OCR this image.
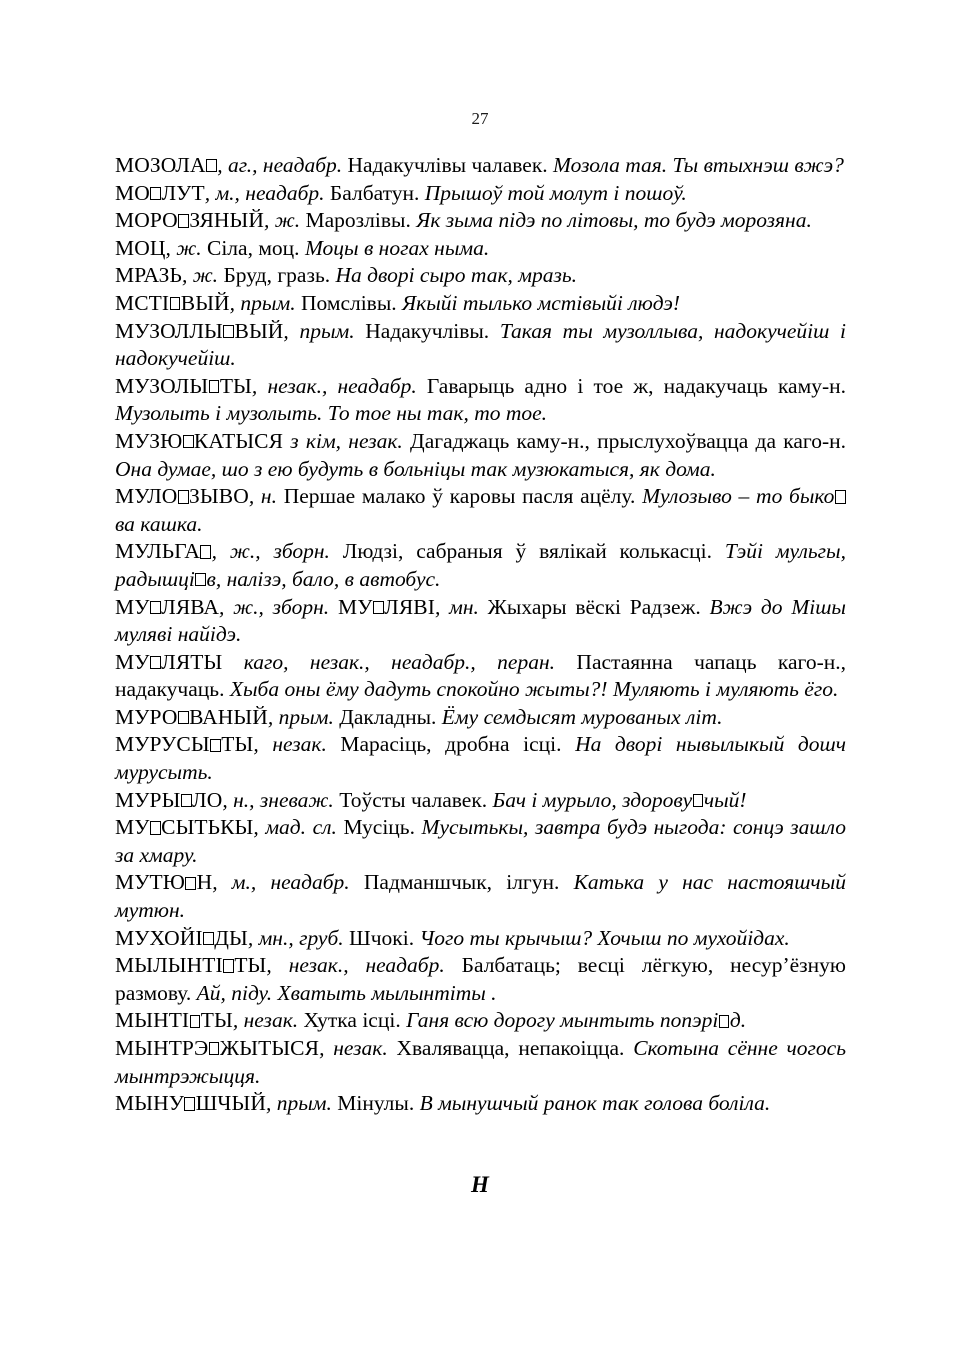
27

МОЗОЛА , аг., неадабр. Надакучлівы чалавек. Мозола тая. Ты втыхнэш вжэ?

МО ЛУТ, м., неадабр. Балбатун. Прышоў той молут і пошоў.

МОРО ЗЯНЫЙ, ж. Марозлівы. Як зыма підэ по літовы, то будэ морозяна.

МОЦ, ж. Сіла, моц. Моцы в ногах ныма.

МРАЗЬ, ж. Бруд, гразь. На дворі сыро так, мразь.

МСТІ ВЫЙ, прым. Помслівы. Якыйі тылько мстівыйі людэ!

МУЗОЛЛЫ ВЫЙ, прым. Надакучлівы. Такая ты музоллыва, надокучейіш і надокучейіш.

МУЗОЛЫ ТЫ, незак., неадабр. Гаварыць адно і тое ж, надакучаць каму-н. Музолыть і музолыть. То тое ны так, то тое.

МУЗЮ КАТЫСЯ з кім, незак. Дагаджаць каму-н., прыслухоўвацца да каго-н. Она думае, шо з ею будуть в больніцы так музюкатыся, як дома.

МУЛО ЗЫВО, н. Першае малако ў каровы пасля ацёлу. Мулозыво – то быкова кашка.

МУЛЬГА , ж., зборн. Людзі, сабраныя ў вялікай колькасці. Тэйі мульгы, радышці в, налізэ, бало, в автобус.

МУ ЛЯВА, ж., зборн. МУ ЛЯВІ, мн. Жыхары вёскі Радзеж. Вжэ до Мішы муляві найідэ.

МУ ЛЯТЫ каго, незак., неадабр., перан. Пастаянна чапаць каго-н., надакучаць. Хыба оны ёму дадуть спокойно жыты?! Муляють і муляють ёго.

МУРО ВАНЫЙ, прым. Дакладны. Ёму семдысят мурованых літ.

МУРУСЫ ТЫ, незак. Марасіць, дробна ісці. На дворі нывылыкый дошч мурусыть.

МУРЫ ЛО, н., зневаж. Тоўсты чалавек. Бач і мурыло, здорову чый!

МУ СЫТЬКЫ, мад. сл. Мусіць. Мусытькы, завтра будэ ныгода: сонцэ зашло за хмару.

МУТЮ Н, м., неадабр. Падманшчык, ілгун. Катька у нас настояшчый мутюн.

МУХОЙІ ДЫ, мн., груб. Шчокі. Чого ты крычыш? Хочыш по мухойідах.

МЫЛЫНТІ ТЫ, незак., неадабр. Балбатаць; весці лёгкую, несур’ёзную размову. Ай, піду. Хватыть мылынтіты .

МЫНТІ ТЫ, незак. Хутка ісці. Ганя всю дорогу мынтыть попэрі д.

МЫНТРЭ ЖЫТЫСЯ, незак. Хвалявацца, непакоіцца. Скотына сённе чогось мынтрэжыцця.

МЫНУ ШЧЫЙ, прым. Мінулы. В мынушчый ранок так голова боліла.

Н
